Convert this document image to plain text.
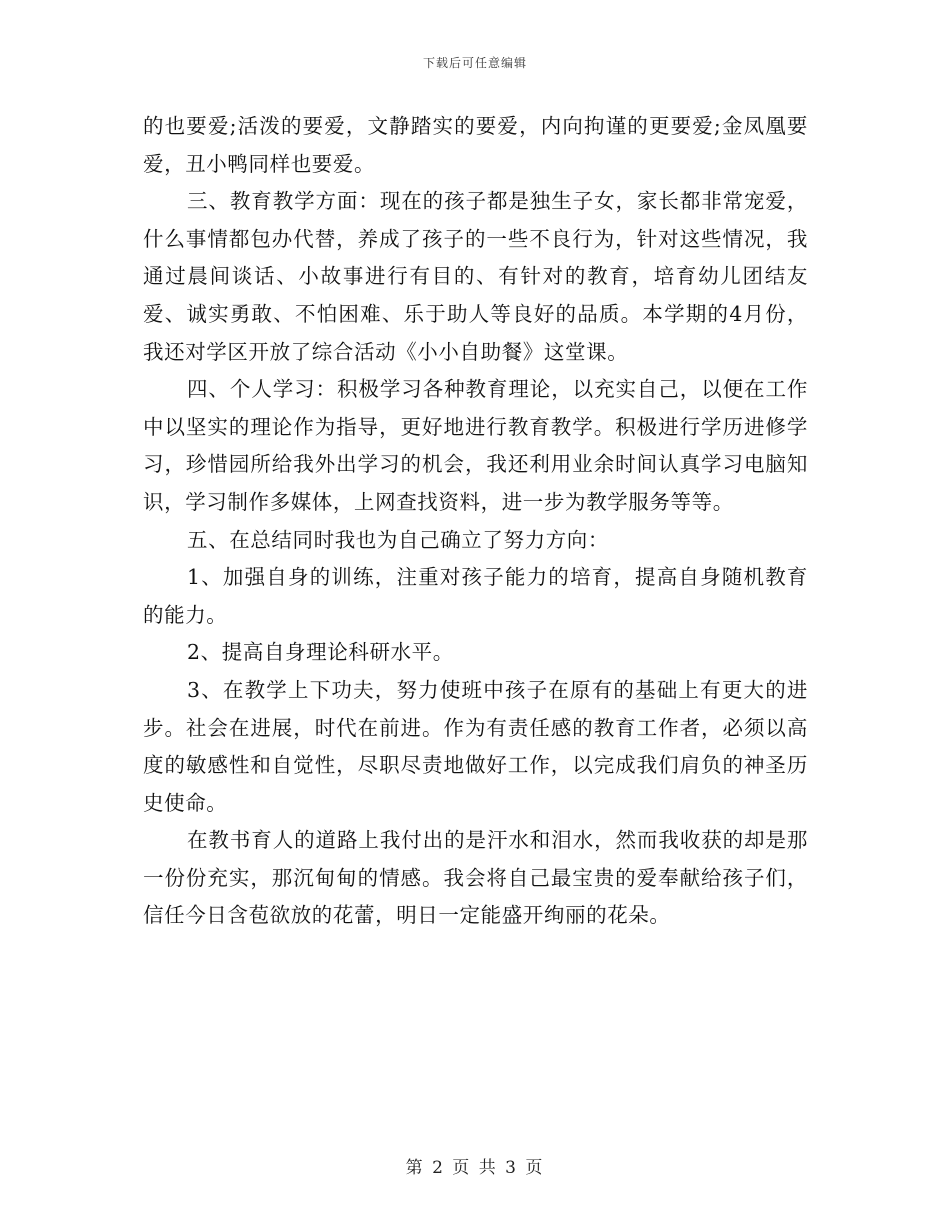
下载后可任意编辑

的也要爱;活泼的要爱，文静踏实的要爱，内向拘谨的更要爱;金凤凰要爱，丑小鸭同样也要爱。

三、教育教学方面：现在的孩子都是独生子女，家长都非常宠爱，什么事情都包办代替，养成了孩子的一些不良行为，针对这些情况，我通过晨间谈话、小故事进行有目的、有针对的教育，培育幼儿团结友爱、诚实勇敢、不怕困难、乐于助人等良好的品质。本学期的4月份，我还对学区开放了综合活动《小小自助餐》这堂课。

四、个人学习：积极学习各种教育理论，以充实自己，以便在工作中以坚实的理论作为指导，更好地进行教育教学。积极进行学历进修学习，珍惜园所给我外出学习的机会，我还利用业余时间认真学习电脑知识，学习制作多媒体，上网查找资料，进一步为教学服务等等。

五、在总结同时我也为自己确立了努力方向：

1、加强自身的训练，注重对孩子能力的培育，提高自身随机教育的能力。

2、提高自身理论科研水平。

3、在教学上下功夫，努力使班中孩子在原有的基础上有更大的进步。社会在进展，时代在前进。作为有责任感的教育工作者，必须以高度的敏感性和自觉性，尽职尽责地做好工作，以完成我们肩负的神圣历史使命。

在教书育人的道路上我付出的是汗水和泪水，然而我收获的却是那一份份充实，那沉甸甸的情感。我会将自己最宝贵的爱奉献给孩子们，信任今日含苞欲放的花蕾，明日一定能盛开绚丽的花朵。

第 2 页 共 3 页
